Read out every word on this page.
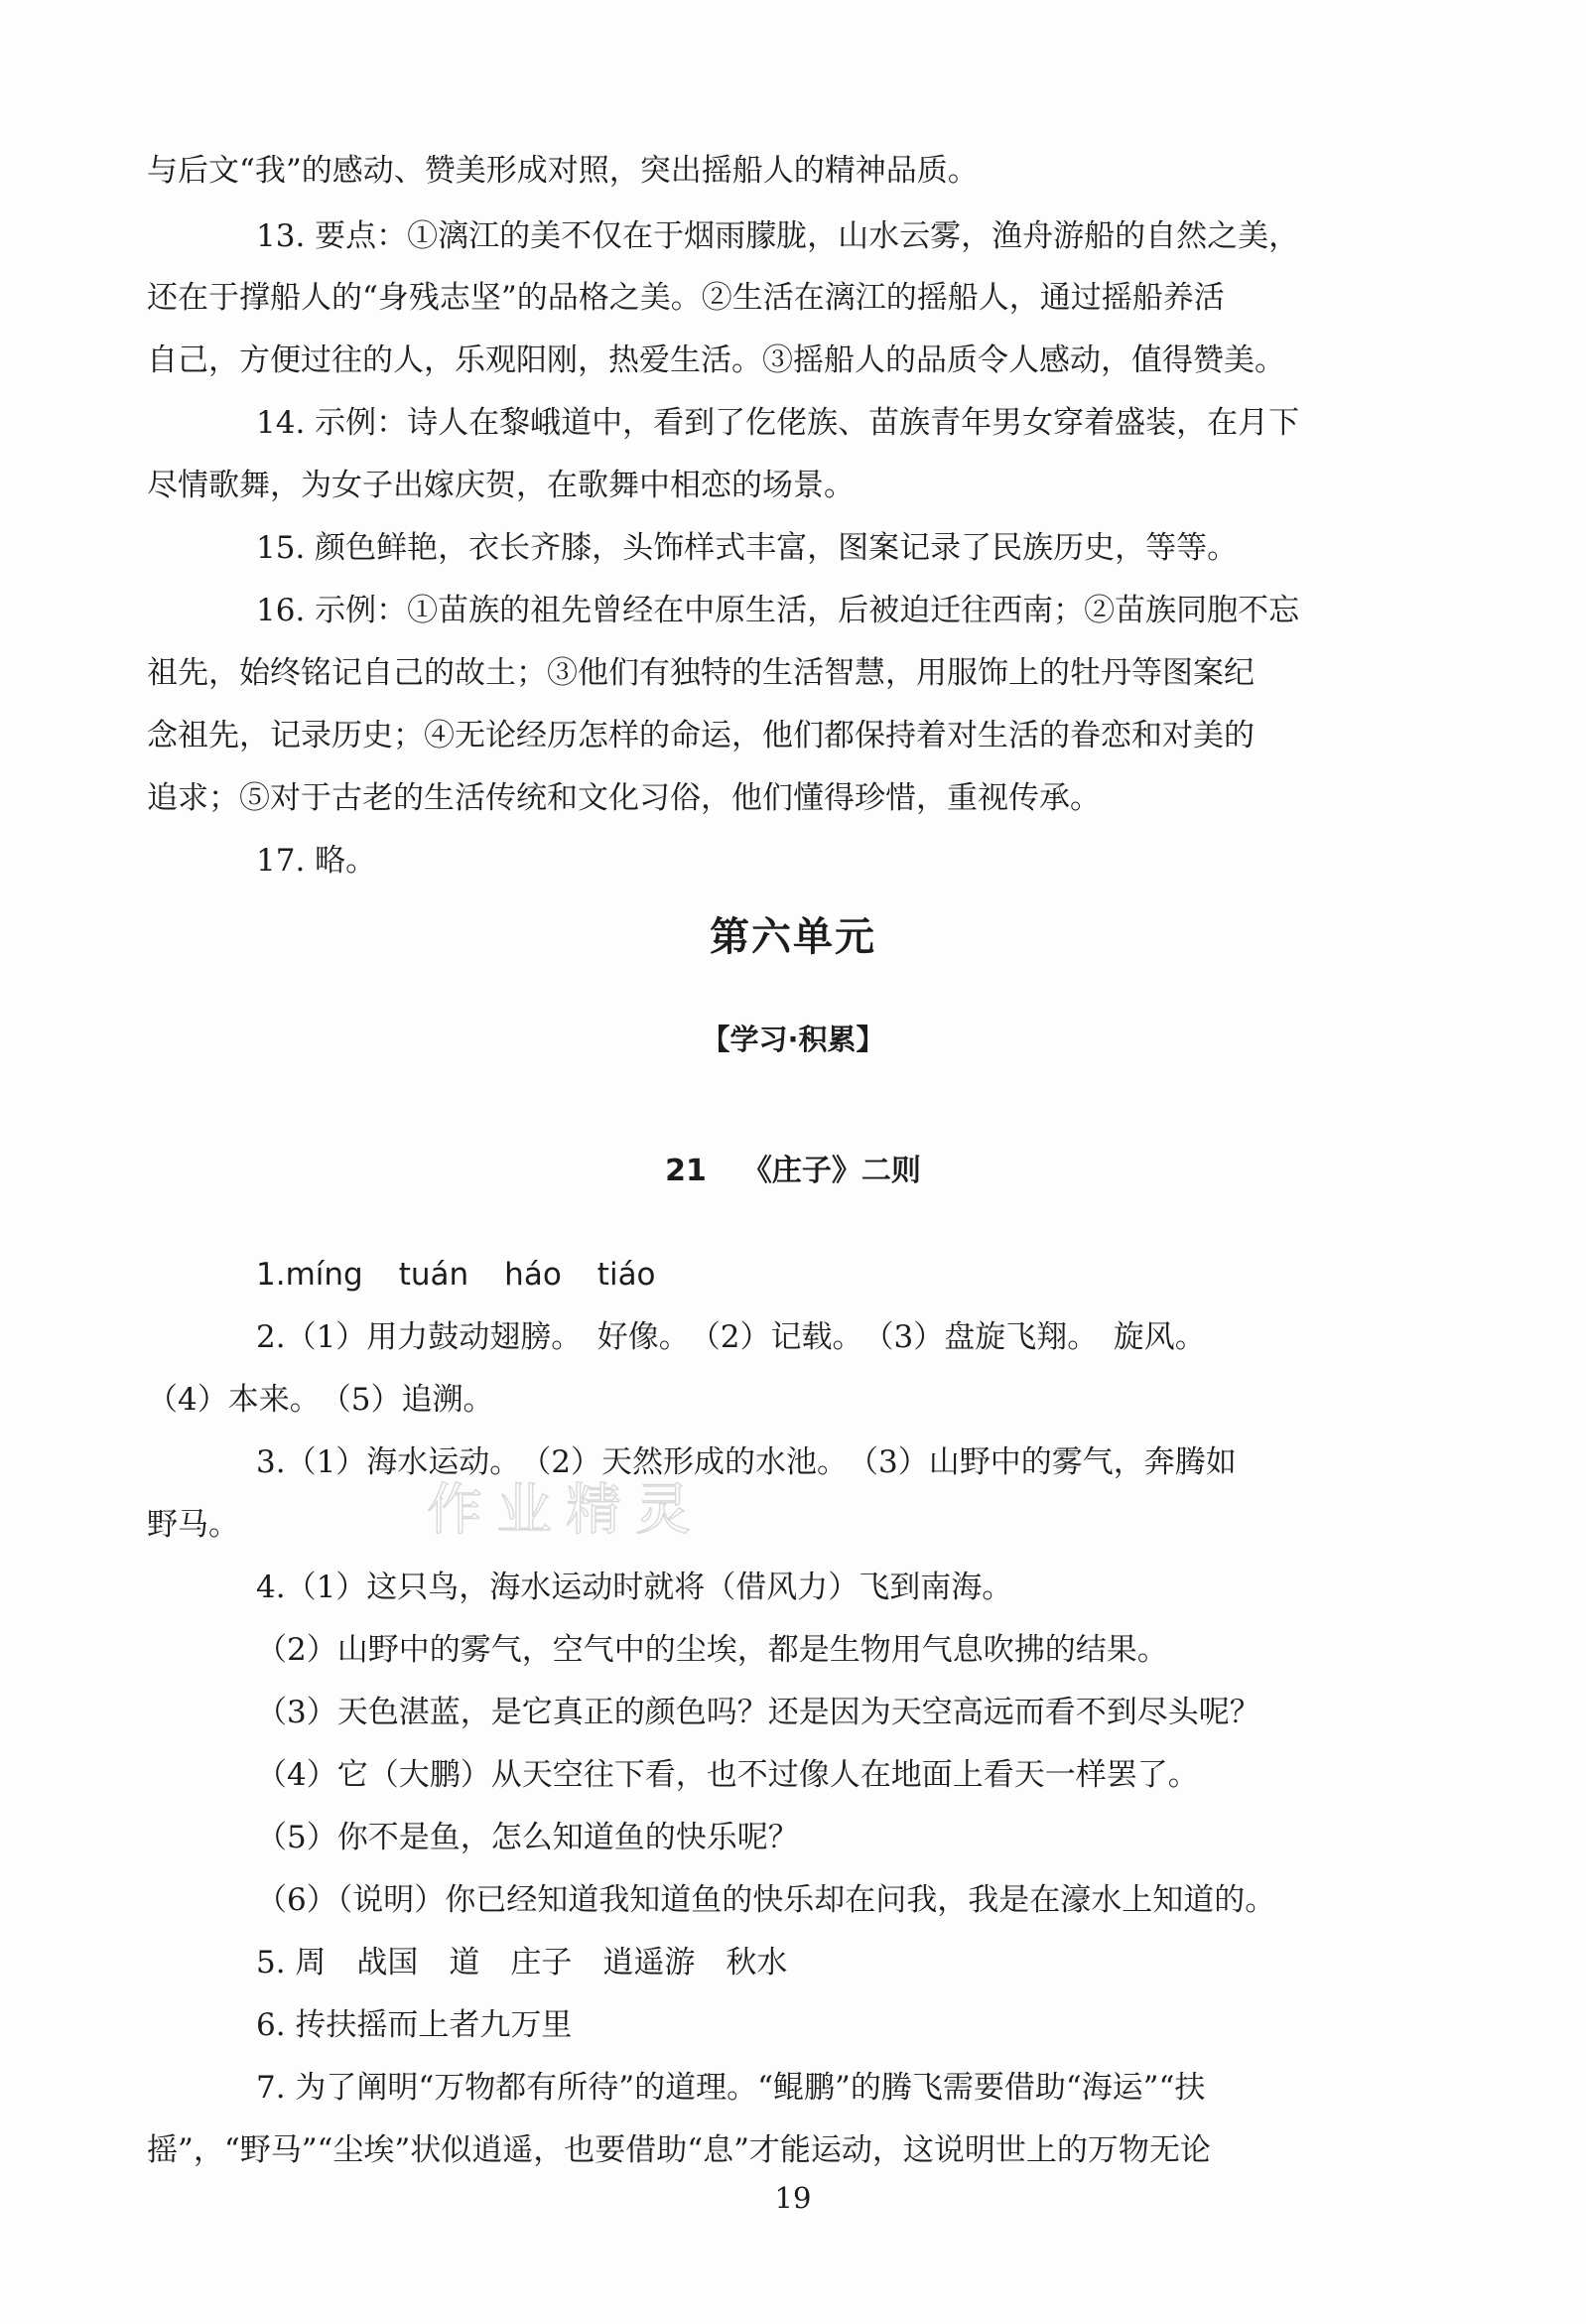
与后文“我”的感动、赞美形成对照，突出摇船人的精神品质。
13. 要点：①漓江的美不仅在于烟雨朦胧，山水云雾，渔舟游船的自然之美，
还在于撑船人的“身残志坚”的品格之美。②生活在漓江的摇船人，通过摇船养活
自己，方便过往的人，乐观阳刚，热爱生活。③摇船人的品质令人感动，值得赞美。
14. 示例：诗人在黎峨道中，看到了仡佬族、苗族青年男女穿着盛装，在月下
尽情歌舞，为女子出嫁庆贺，在歌舞中相恋的场景。
15. 颜色鲜艳，衣长齐膝，头饰样式丰富，图案记录了民族历史，等等。
16. 示例：①苗族的祖先曾经在中原生活，后被迫迁往西南；②苗族同胞不忘
祖先，始终铭记自己的故土；③他们有独特的生活智慧，用服饰上的牡丹等图案纪
念祖先，记录历史；④无论经历怎样的命运，他们都保持着对生活的眷恋和对美的
追求；⑤对于古老的生活传统和文化习俗，他们懂得珍惜，重视传承。
17. 略。
第六单元
【学习·积累】
21 《庄子》二则
1.míng tuán háo tiáo
2.（1）用力鼓动翅膀。　好像。　（2）记载。　（3）盘旋飞翔。　旋风。
（4）本来。　（5）追溯。
3.（1）海水运动。　（2）天然形成的水池。　（3）山野中的雾气，奔腾如
野马。
4.（1）这只鸟，海水运动时就将（借风力）飞到南海。
（2）山野中的雾气，空气中的尘埃，都是生物用气息吹拂的结果。
（3）天色湛蓝，是它真正的颜色吗？还是因为天空高远而看不到尽头呢？
（4）它（大鹏）从天空往下看，也不过像人在地面上看天一样罢了。
（5）你不是鱼，怎么知道鱼的快乐呢？
（6）（说明）你已经知道我知道鱼的快乐却在问我，我是在濠水上知道的。
5. 周　战国　道　庄子　逍遥游　秋水
6. 抟扶摇而上者九万里
7. 为了阐明“万物都有所待”的道理。“鲲鹏”的腾飞需要借助“海运”“扶
摇”，“野马”“尘埃”状似逍遥，也要借助“息”才能运动，这说明世上的万物无论
作业精灵
19
